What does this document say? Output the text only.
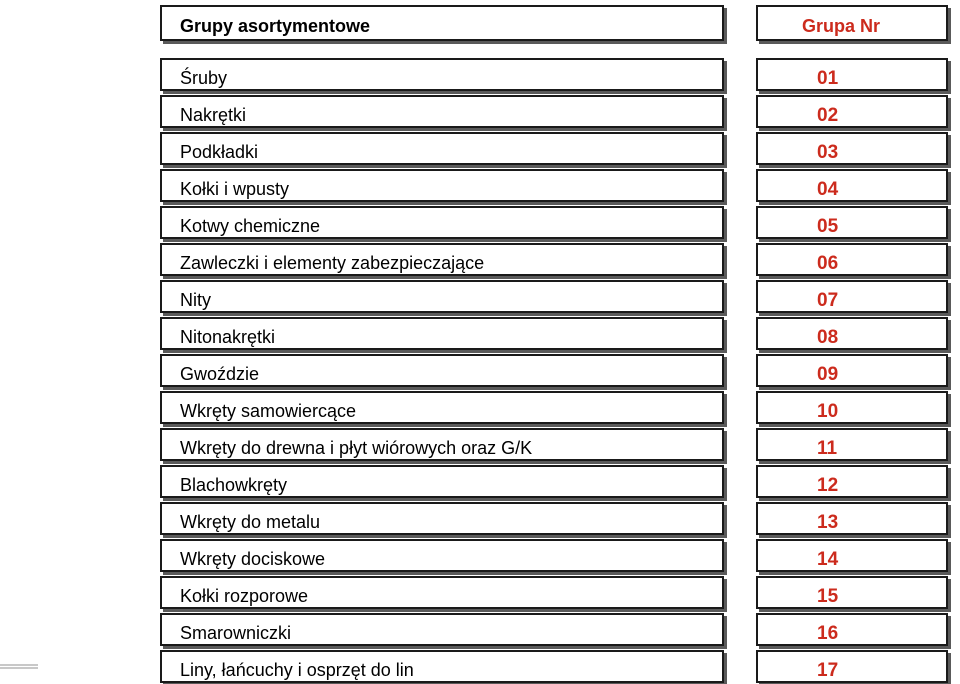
Grupy asortymentowe	Grupa Nr
Śruby	01
Nakrętki	02
Podkładki	03
Kołki i wpusty	04
Kotwy chemiczne	05
Zawleczki i elementy zabezpieczające	06
Nity	07
Nitonakrętki	08
Gwoździe	09
Wkręty samowiercące	10
Wkręty do drewna i płyt wiórowych oraz G/K	11
Blachowkręty	12
Wkręty do metalu	13
Wkręty dociskowe	14
Kołki rozporowe	15
Smarowniczki	16
Liny, łańcuchy i osprzęt do lin	17
